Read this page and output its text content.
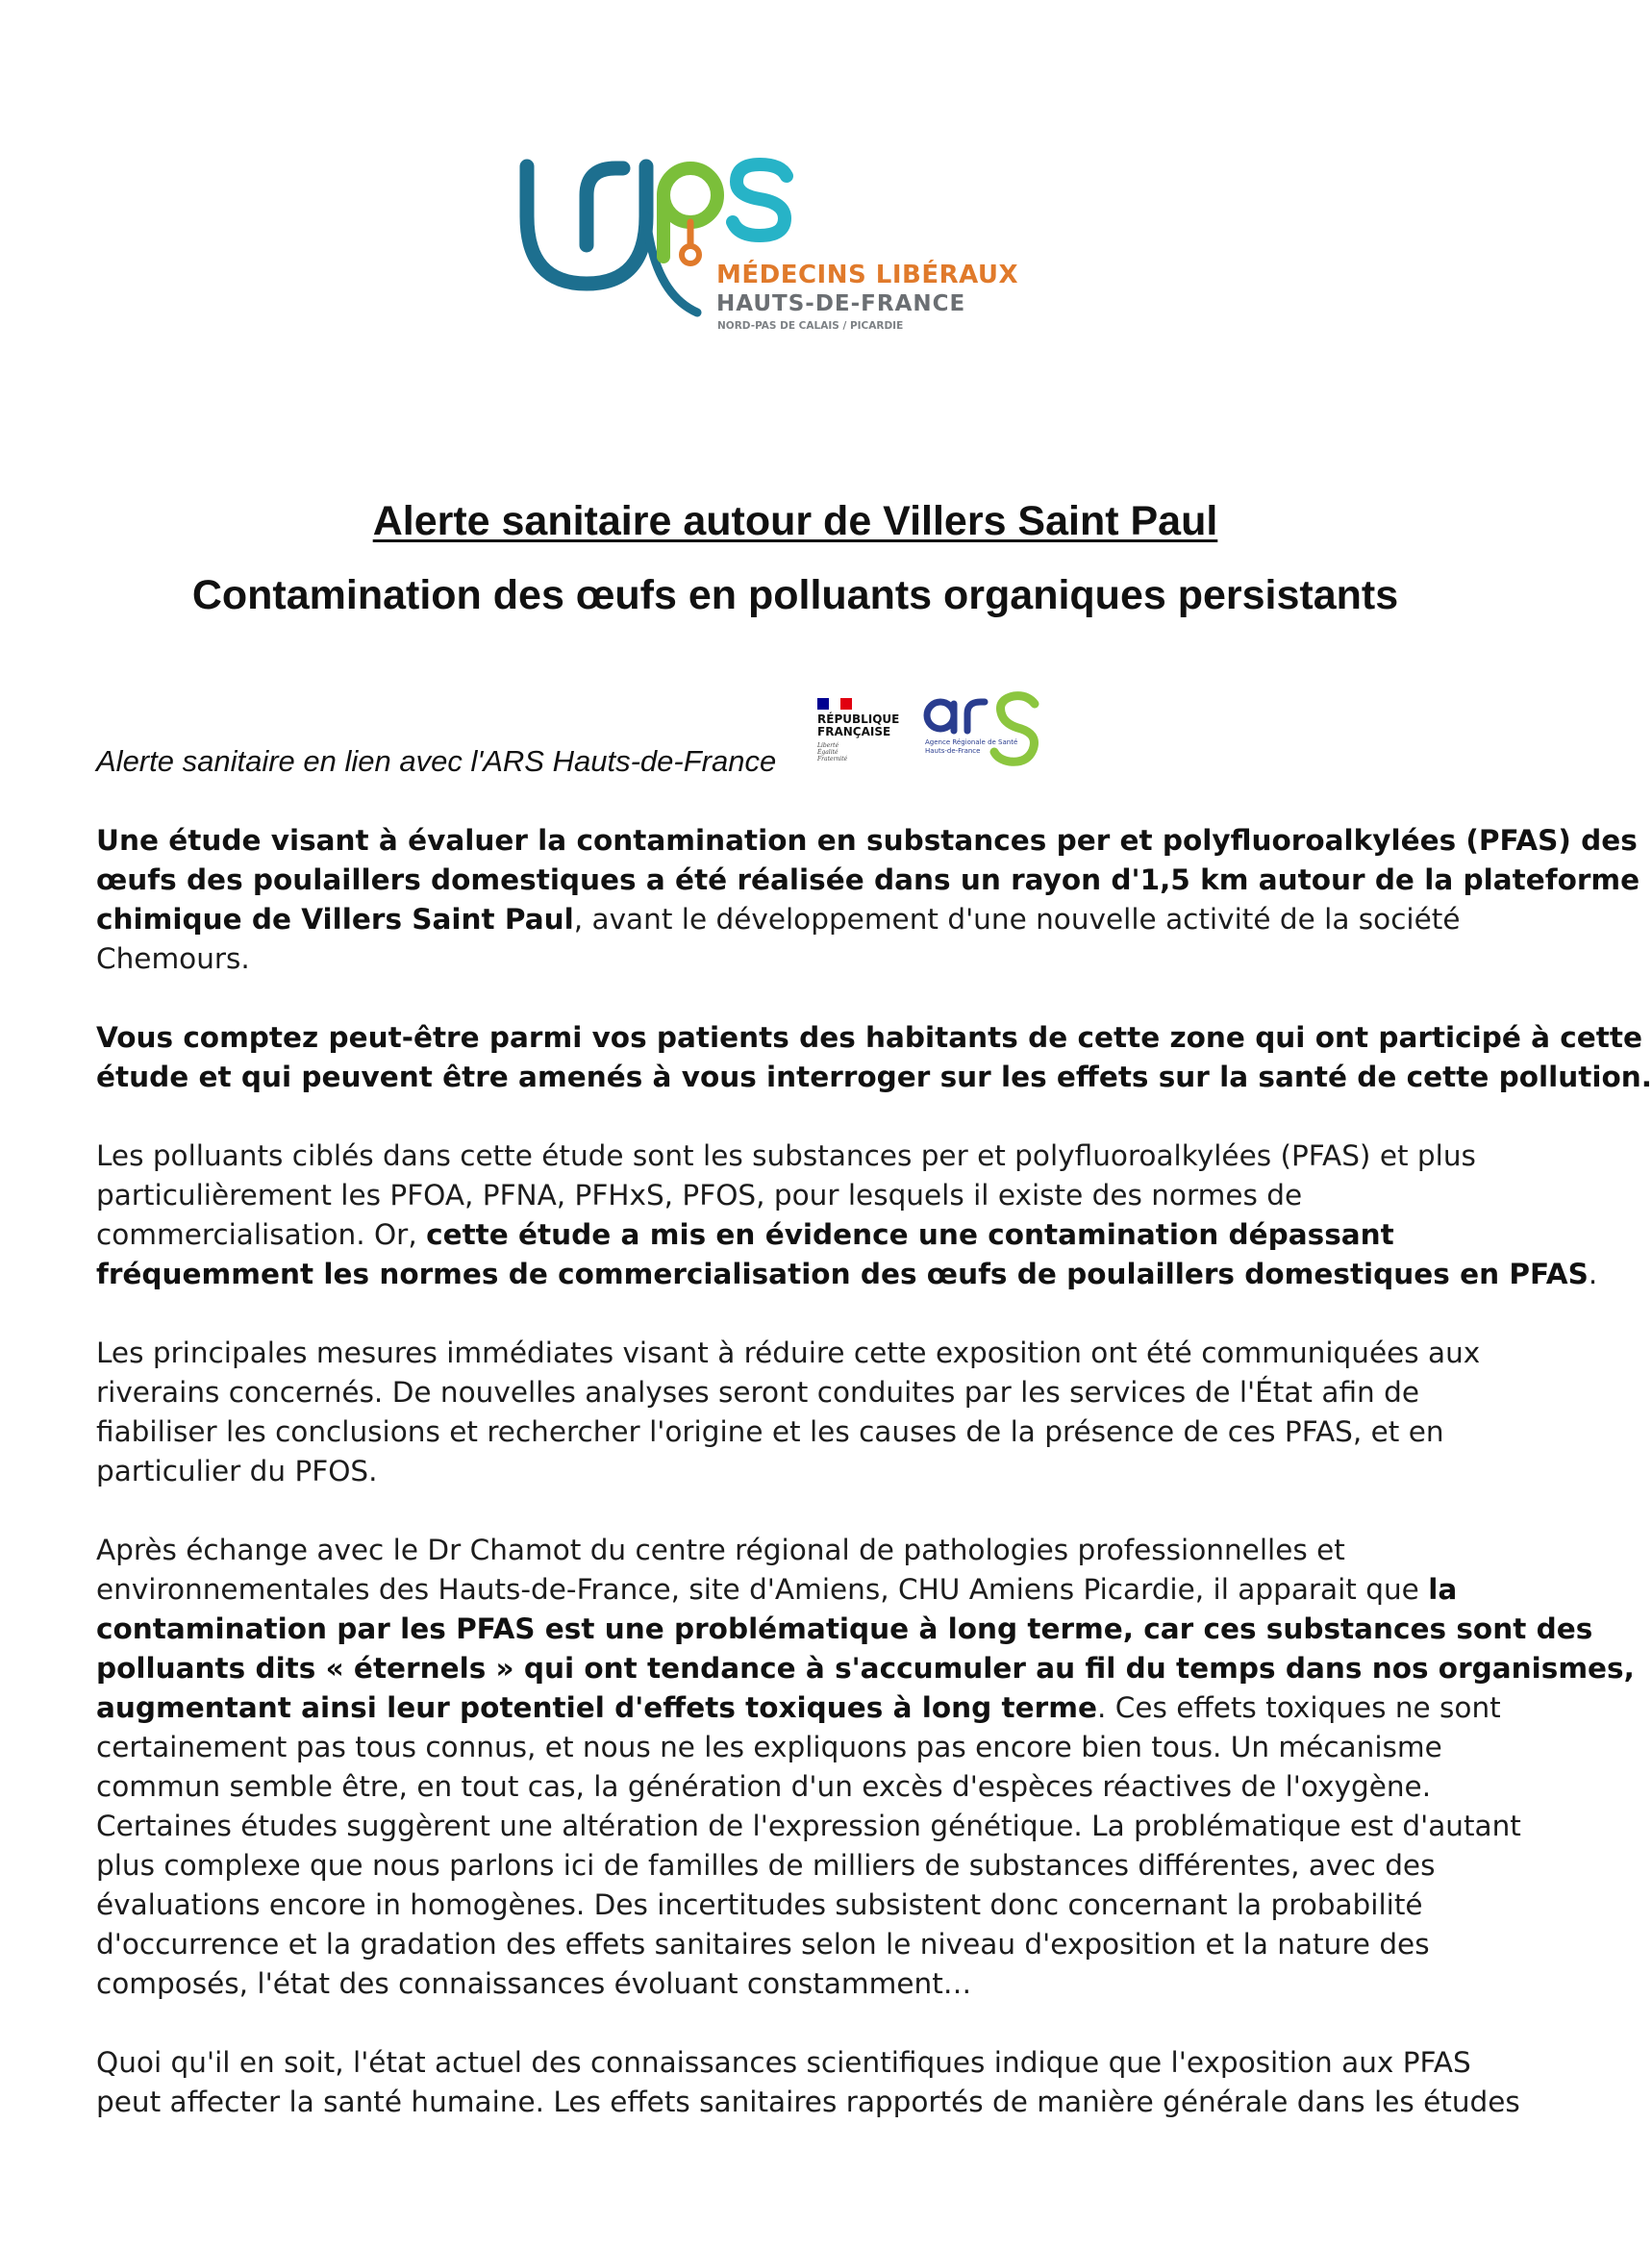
MÉDECINS LIBÉRAUX
HAUTS-DE-FRANCE
NORD-PAS DE CALAIS / PICARDIE
Alerte sanitaire autour de Villers Saint Paul
Contamination des œufs en polluants organiques persistants
Alerte sanitaire en lien avec l'ARS Hauts-de-France
RÉPUBLIQUE
FRANÇAISE
Liberté
Égalité
Fraternité
Agence Régionale de Santé
Hauts-de-France
Une étude visant à évaluer la contamination en substances per et polyfluoroalkylées (PFAS) des
œufs des poulaillers domestiques a été réalisée dans un rayon d'1,5 km autour de la plateforme
chimique de Villers Saint Paul, avant le développement d'une nouvelle activité de la société
Chemours.
Vous comptez peut-être parmi vos patients des habitants de cette zone qui ont participé à cette
étude et qui peuvent être amenés à vous interroger sur les effets sur la santé de cette pollution.
Les polluants ciblés dans cette étude sont les substances per et polyfluoroalkylées (PFAS) et plus
particulièrement les PFOA, PFNA, PFHxS, PFOS, pour lesquels il existe des normes de
commercialisation. Or, cette étude a mis en évidence une contamination dépassant
fréquemment les normes de commercialisation des œufs de poulaillers domestiques en PFAS.
Les principales mesures immédiates visant à réduire cette exposition ont été communiquées aux
riverains concernés. De nouvelles analyses seront conduites par les services de l'État afin de
fiabiliser les conclusions et rechercher l'origine et les causes de la présence de ces PFAS, et en
particulier du PFOS.
Après échange avec le Dr Chamot du centre régional de pathologies professionnelles et
environnementales des Hauts-de-France, site d'Amiens, CHU Amiens Picardie, il apparait que la
contamination par les PFAS est une problématique à long terme, car ces substances sont des
polluants dits « éternels » qui ont tendance à s'accumuler au fil du temps dans nos organismes,
augmentant ainsi leur potentiel d'effets toxiques à long terme. Ces effets toxiques ne sont
certainement pas tous connus, et nous ne les expliquons pas encore bien tous. Un mécanisme
commun semble être, en tout cas, la génération d'un excès d'espèces réactives de l'oxygène.
Certaines études suggèrent une altération de l'expression génétique. La problématique est d'autant
plus complexe que nous parlons ici de familles de milliers de substances différentes, avec des
évaluations encore in homogènes. Des incertitudes subsistent donc concernant la probabilité
d'occurrence et la gradation des effets sanitaires selon le niveau d'exposition et la nature des
composés, l'état des connaissances évoluant constamment…
Quoi qu'il en soit, l'état actuel des connaissances scientifiques indique que l'exposition aux PFAS
peut affecter la santé humaine. Les effets sanitaires rapportés de manière générale dans les études
